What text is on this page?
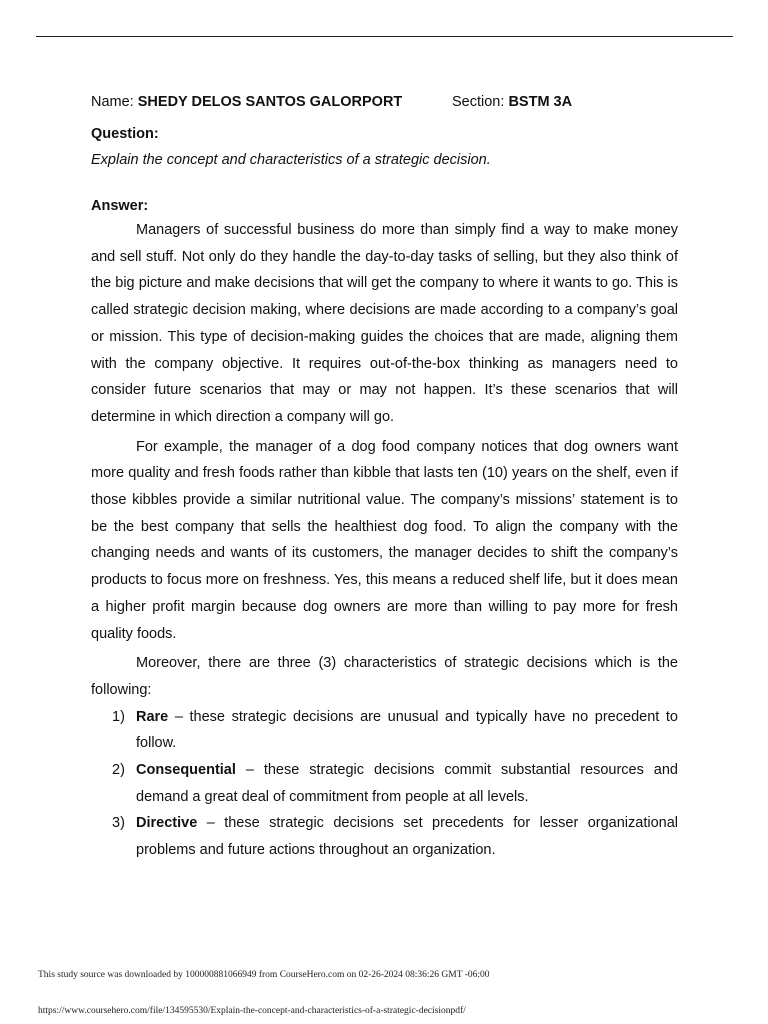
Name: SHEDY DELOS SANTOS GALORPORT	Section: BSTM 3A
Question:
Explain the concept and characteristics of a strategic decision.
Answer:

Managers of successful business do more than simply find a way to make money and sell stuff. Not only do they handle the day-to-day tasks of selling, but they also think of the big picture and make decisions that will get the company to where it wants to go. This is called strategic decision making, where decisions are made according to a company’s goal or mission. This type of decision-making guides the choices that are made, aligning them with the company objective. It requires out-of-the-box thinking as managers need to consider future scenarios that may or may not happen. It’s these scenarios that will determine in which direction a company will go.

For example, the manager of a dog food company notices that dog owners want more quality and fresh foods rather than kibble that lasts ten (10) years on the shelf, even if those kibbles provide a similar nutritional value. The company’s missions’ statement is to be the best company that sells the healthiest dog food. To align the company with the changing needs and wants of its customers, the manager decides to shift the company’s products to focus more on freshness. Yes, this means a reduced shelf life, but it does mean a higher profit margin because dog owners are more than willing to pay more for fresh quality foods.

Moreover, there are three (3) characteristics of strategic decisions which is the following:

1) Rare – these strategic decisions are unusual and typically have no precedent to follow.
2) Consequential – these strategic decisions commit substantial resources and demand a great deal of commitment from people at all levels.
3) Directive – these strategic decisions set precedents for lesser organizational problems and future actions throughout an organization.
This study source was downloaded by 100000881066949 from CourseHero.com on 02-26-2024 08:36:26 GMT -06:00
https://www.coursehero.com/file/134595530/Explain-the-concept-and-characteristics-of-a-strategic-decisionpdf/
